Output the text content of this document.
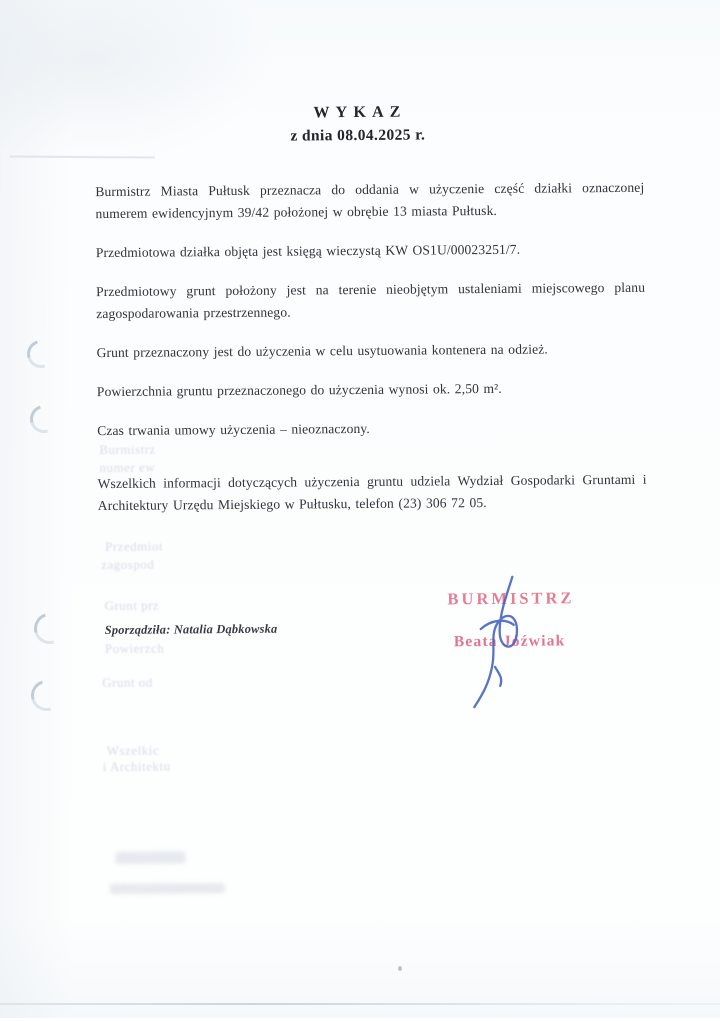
W Y K A Z
z dnia 08.04.2025 r.

Burmistrz Miasta Pułtusk przeznacza do oddania w użyczenie część działki oznaczonej numerem ewidencyjnym 39/42 położonej w obrębie 13 miasta Pułtusk.

Przedmiotowa działka objęta jest księgą wieczystą KW OS1U/00023251/7.

Przedmiotowy grunt położony jest na terenie nieobjętym ustaleniami miejscowego planu zagospodarowania przestrzennego.

Grunt przeznaczony jest do użyczenia w celu usytuowania kontenera na odzież.

Powierzchnia gruntu przeznaczonego do użyczenia wynosi ok. 2,50 m².

Czas trwania umowy użyczenia – nieoznaczony.

Wszelkich informacji dotyczących użyczenia gruntu udziela Wydział Gospodarki Gruntami i Architektury Urzędu Miejskiego w Pułtusku, telefon (23) 306 72 05.

Burmistrz
numer ew
Przedmiot
zagospod
Grunt prz
Powierzch
Grunt od
Wszelkic
i Architektu
Sporządziła: Natalia Dąbkowska
BURMISTRZ
Beata Jóźwiak
